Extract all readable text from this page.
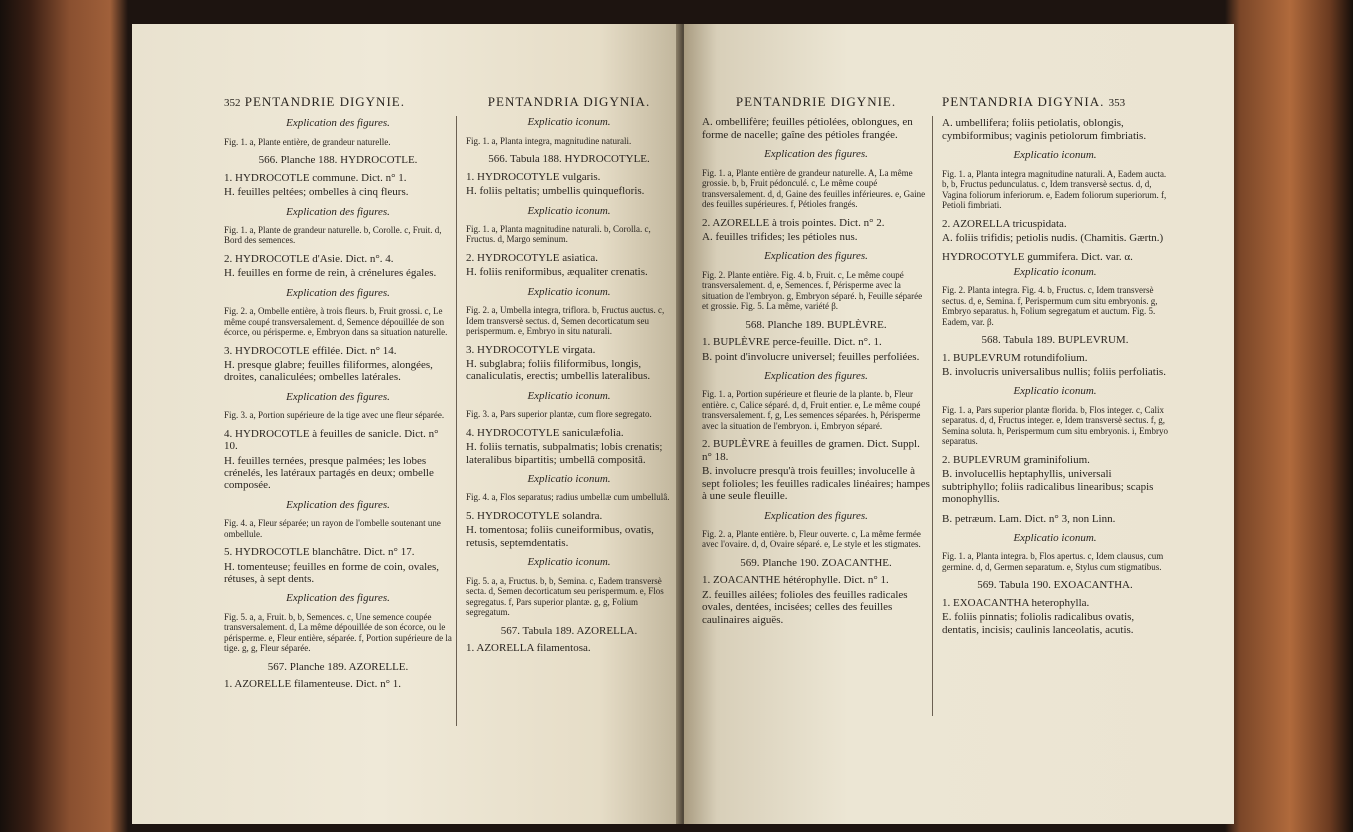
352 PENTANDRIE DIGYNIE.
Explication des figures.
Fig. 1. a, Plante entière, de grandeur naturelle.
566. Planche 188. HYDROCOTLE.
1. HYDROCOTLE commune. Dict. n° 1.
H. feuilles peltées; ombelles à cinq fleurs.
Explication des figures.
Fig. 1. a, Plante de grandeur naturelle. b, Corolle. c, Fruit. d, Bord des semences.
2. HYDROCOTLE d'Asie. Dict. n°. 4.
H. feuilles en forme de rein, à crénelures égales.
Explication des figures.
Fig. 2. a, Ombelle entière, à trois fleurs. b, Fruit grossi. c, Le même coupé transversalement. d, Semence dépouillée de son écorce, ou périsperme. e, Embryon dans sa situation naturelle.
3. HYDROCOTLE effilée. Dict. n° 14.
H. presque glabre; feuilles filiformes, alongées, droites, canaliculées; ombelles latérales.
Explication des figures.
Fig. 3. a, Portion supérieure de la tige avec une fleur séparée.
4. HYDROCOTLE à feuilles de sanicle. Dict. n° 10.
H. feuilles ternées, presque palmées; les lobes crénelés, les latéraux partagés en deux; ombelle composée.
Explication des figures.
Fig. 4. a, Fleur séparée; un rayon de l'ombelle soutenant une ombellule.
5. HYDROCOTLE blanchâtre. Dict. n° 17.
H. tomenteuse; feuilles en forme de coin, ovales, rétuses, à sept dents.
Explication des figures.
Fig. 5. a, a, Fruit. b, b, Semences. c, Une semence coupée transversalement. d, La même dépouillée de son écorce, ou le périsperme. e, Fleur entière, séparée. f, Portion supérieure de la tige. g, g, Fleur séparée.
567. Planche 189. AZORELLE.
1. AZORELLE filamenteuse. Dict. n° 1.
PENTANDRIA DIGYNIA.
Explicatio iconum.
Fig. 1. a, Planta integra, magnitudine naturali.
566. Tabula 188. HYDROCOTYLE.
1. HYDROCOTYLE vulgaris.
H. foliis peltatis; umbellis quinquefloris.
Explicatio iconum.
Fig. 1. a, Planta magnitudine naturali. b, Corolla. c, Fructus. d, Margo seminum.
2. HYDROCOTYLE asiatica.
H. foliis reniformibus, æqualiter crenatis.
Explicatio iconum.
Fig. 2. a, Umbella integra, triflora. b, Fructus auctus. c, Idem transversè sectus. d, Semen decorticatum seu perispermum. e, Embryo in situ naturali.
3. HYDROCOTYLE virgata.
H. subglabra; foliis filiformibus, longis, canaliculatis, erectis; umbellis lateralibus.
Explicatio iconum.
Fig. 3. a, Pars superior plantæ, cum flore segregato.
4. HYDROCOTYLE saniculæfolia.
H. foliis ternatis, subpalmatis; lobis crenatis; lateralibus bipartitis; umbellâ compositâ.
Explicatio iconum.
Fig. 4. a, Flos separatus; radius umbellæ cum umbellulâ.
5. HYDROCOTYLE solandra.
H. tomentosa; foliis cuneiformibus, ovatis, retusis, septemdentatis.
Explicatio iconum.
Fig. 5. a, a, Fructus. b, b, Semina. c, Eadem transversè secta. d, Semen decorticatum seu perispermum. e, Flos segregatus. f, Pars superior plantæ. g, g, Folium segregatum.
567. Tabula 189. AZORELLA.
1. AZORELLA filamentosa.
PENTANDRIE DIGYNIE.
A. ombellifère; feuilles pétiolées, oblongues, en forme de nacelle; gaîne des pétioles frangée.
Explication des figures.
Fig. 1. a, Plante entière de grandeur naturelle. A, La même grossie. b, b, Fruit pédonculé. c, Le même coupé transversalement. d, d, Gaine des feuilles inférieures. e, Gaine des feuilles supérieures. f, Pétioles frangés.
2. AZORELLE à trois pointes. Dict. n° 2.
A. feuilles trifides; les pétioles nus.
Explication des figures.
Fig. 2. Plante entière. Fig. 4. b, Fruit. c, Le même coupé transversalement. d, e, Semences. f, Périsperme avec la situation de l'embryon. g, Embryon séparé. h, Feuille séparée et grossie. Fig. 5. La même, variété β.
568. Planche 189. BUPLÈVRE.
1. BUPLÈVRE perce-feuille. Dict. n°. 1.
B. point d'involucre universel; feuilles perfoliées.
Explication des figures.
Fig. 1. a, Portion supérieure et fleurie de la plante. b, Fleur entière. c, Calice séparé. d, d, Fruit entier. e, Le même coupé transversalement. f, g, Les semences séparées. h, Périsperme avec la situation de l'embryon. i, Embryon séparé.
2. BUPLÈVRE à feuilles de gramen. Dict. Suppl. n° 18.
B. involucre presqu'à trois feuilles; involucelle à sept folioles; les feuilles radicales linéaires; hampes à une seule fleuille.
Explication des figures.
Fig. 2. a, Plante entière. b, Fleur ouverte. c, La même fermée avec l'ovaire. d, d, Ovaire séparé. e, Le style et les stigmates.
569. Planche 190. ZOACANTHE.
1. ZOACANTHE hétérophylle. Dict. n° 1.
Z. feuilles ailées; folioles des feuilles radicales ovales, dentées, incisées; celles des feuilles caulinaires aiguës.
PENTANDRIA DIGYNIA. 353
A. umbellifera; foliis petiolatis, oblongis, cymbiformibus; vaginis petiolorum fimbriatis.
Explicatio iconum.
Fig. 1. a, Planta integra magnitudine naturali. A, Eadem aucta. b, b, Fructus pedunculatus. c, Idem transversè sectus. d, d, Vagina foliorum inferiorum. e, Eadem foliorum superiorum. f, Petioli fimbriati.
2. AZORELLA tricuspidata.
A. foliis trifidis; petiolis nudis. (Chamitis. Gærtn.)
HYDROCOTYLE gummifera. Dict. var. α.
Explicatio iconum.
Fig. 2. Planta integra. Fig. 4. b, Fructus. c, Idem transversè sectus. d, e, Semina. f, Perispermum cum situ embryonis. g, Embryo separatus. h, Folium segregatum et auctum. Fig. 5. Eadem, var. β.
568. Tabula 189. BUPLEVRUM.
1. BUPLEVRUM rotundifolium.
B. involucris universalibus nullis; foliis perfoliatis.
Explicatio iconum.
Fig. 1. a, Pars superior plantæ florida. b, Flos integer. c, Calix separatus. d, d, Fructus integer. e, Idem transversè sectus. f, g, Semina soluta. h, Perispermum cum situ embryonis. i, Embryo separatus.
2. BUPLEVRUM graminifolium.
B. involucellis heptaphyllis, universali subtriphyllo; foliis radicalibus linearibus; scapis monophyllis.
B. petræum. Lam. Dict. n° 3, non Linn.
Explicatio iconum.
Fig. 1. a, Planta integra. b, Flos apertus. c, Idem clausus, cum germine. d, d, Germen separatum. e, Stylus cum stigmatibus.
569. Tabula 190. EXOACANTHA.
1. EXOACANTHA heterophylla.
E. foliis pinnatis; foliolis radicalibus ovatis, dentatis, incisis; caulinis lanceolatis, acutis.
